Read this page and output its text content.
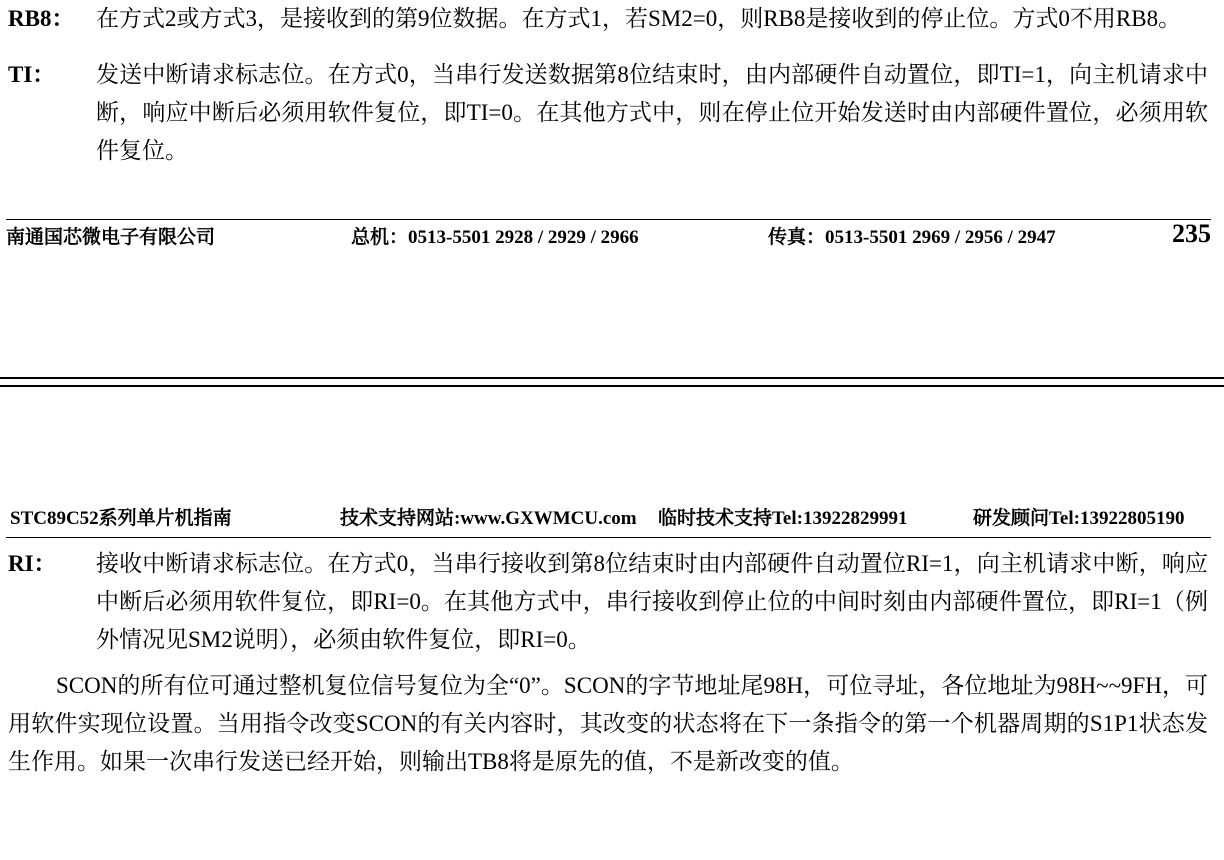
RB8： 在方式2或方式3，是接收到的第9位数据。在方式1，若SM2=0，则RB8是接收到的停止位。方式0不用RB8。
TI：	发送中断请求标志位。在方式0，当串行发送数据第8位结束时，由内部硬件自动置位，即TI=1，向主机请求中断，响应中断后必须用软件复位，即TI=0。在其他方式中，则在停止位开始发送时由内部硬件置位，必须用软件复位。
南通国芯微电子有限公司	总机：0513-5501 2928 / 2929 / 2966	传真：0513-5501 2969 / 2956 / 2947	235
STC89C52系列单片机指南	技术支持网站:www.GXWMCU.com 临时技术支持Tel:13922829991	研发顾问Tel:13922805190
RI：	接收中断请求标志位。在方式0，当串行接收到第8位结束时由内部硬件自动置位RI=1，向主机请求中断，响应中断后必须用软件复位，即RI=0。在其他方式中，串行接收到停止位的中间时刻由内部硬件置位，即RI=1（例外情况见SM2说明），必须由软件复位，即RI=0。
SCON的所有位可通过整机复位信号复位为全“0”。SCON的字节地址尾98H，可位寻址，各位地址为98H~~9FH，可用软件实现位设置。当用指令改变SCON的有关内容时，其改变的状态将在下一条指令的第一个机器周期的S1P1状态发生作用。如果一次串行发送已经开始，则输出TB8将是原先的值，不是新改变的值。
